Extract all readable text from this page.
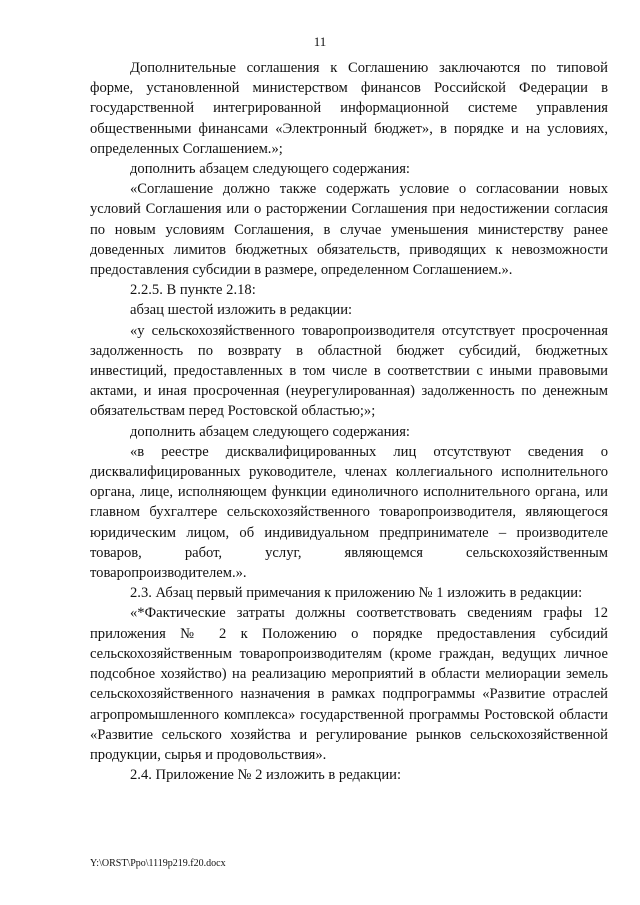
11

Дополнительные соглашения к Соглашению заключаются по типовой форме, установленной министерством финансов Российской Федерации в государственной интегрированной информационной системе управления общественными финансами «Электронный бюджет», в порядке и на условиях, определенных Соглашением.»;

дополнить абзацем следующего содержания:

«Соглашение должно также содержать условие о согласовании новых условий Соглашения или о расторжении Соглашения при недостижении согласия по новым условиям Соглашения, в случае уменьшения министерству ранее доведенных лимитов бюджетных обязательств, приводящих к невозможности предоставления субсидии в размере, определенном Соглашением.».

2.2.5. В пункте 2.18:

абзац шестой изложить в редакции:

«у сельскохозяйственного товаропроизводителя отсутствует просроченная задолженность по возврату в областной бюджет субсидий, бюджетных инвестиций, предоставленных в том числе в соответствии с иными правовыми актами, и иная просроченная (неурегулированная) задолженность по денежным обязательствам перед Ростовской областью;»;

дополнить абзацем следующего содержания:

«в реестре дисквалифицированных лиц отсутствуют сведения о дисквалифицированных руководителе, членах коллегиального исполнительного органа, лице, исполняющем функции единоличного исполнительного органа, или главном бухгалтере сельскохозяйственного товаропроизводителя, являющегося юридическим лицом, об индивидуальном предпринимателе – производителе товаров, работ, услуг, являющемся сельскохозяйственным товаропроизводителем.».

2.3. Абзац первый примечания к приложению № 1 изложить в редакции:

«*Фактические затраты должны соответствовать сведениям графы 12 приложения № 2 к Положению о порядке предоставления субсидий сельскохозяйственным товаропроизводителям (кроме граждан, ведущих личное подсобное хозяйство) на реализацию мероприятий в области мелиорации земель сельскохозяйственного назначения в рамках подпрограммы «Развитие отраслей агропромышленного комплекса» государственной программы Ростовской области «Развитие сельского хозяйства и регулирование рынков сельскохозяйственной продукции, сырья и продовольствия».

2.4. Приложение № 2 изложить в редакции:

Y:\ORST\Ppo\1119p219.f20.docx
